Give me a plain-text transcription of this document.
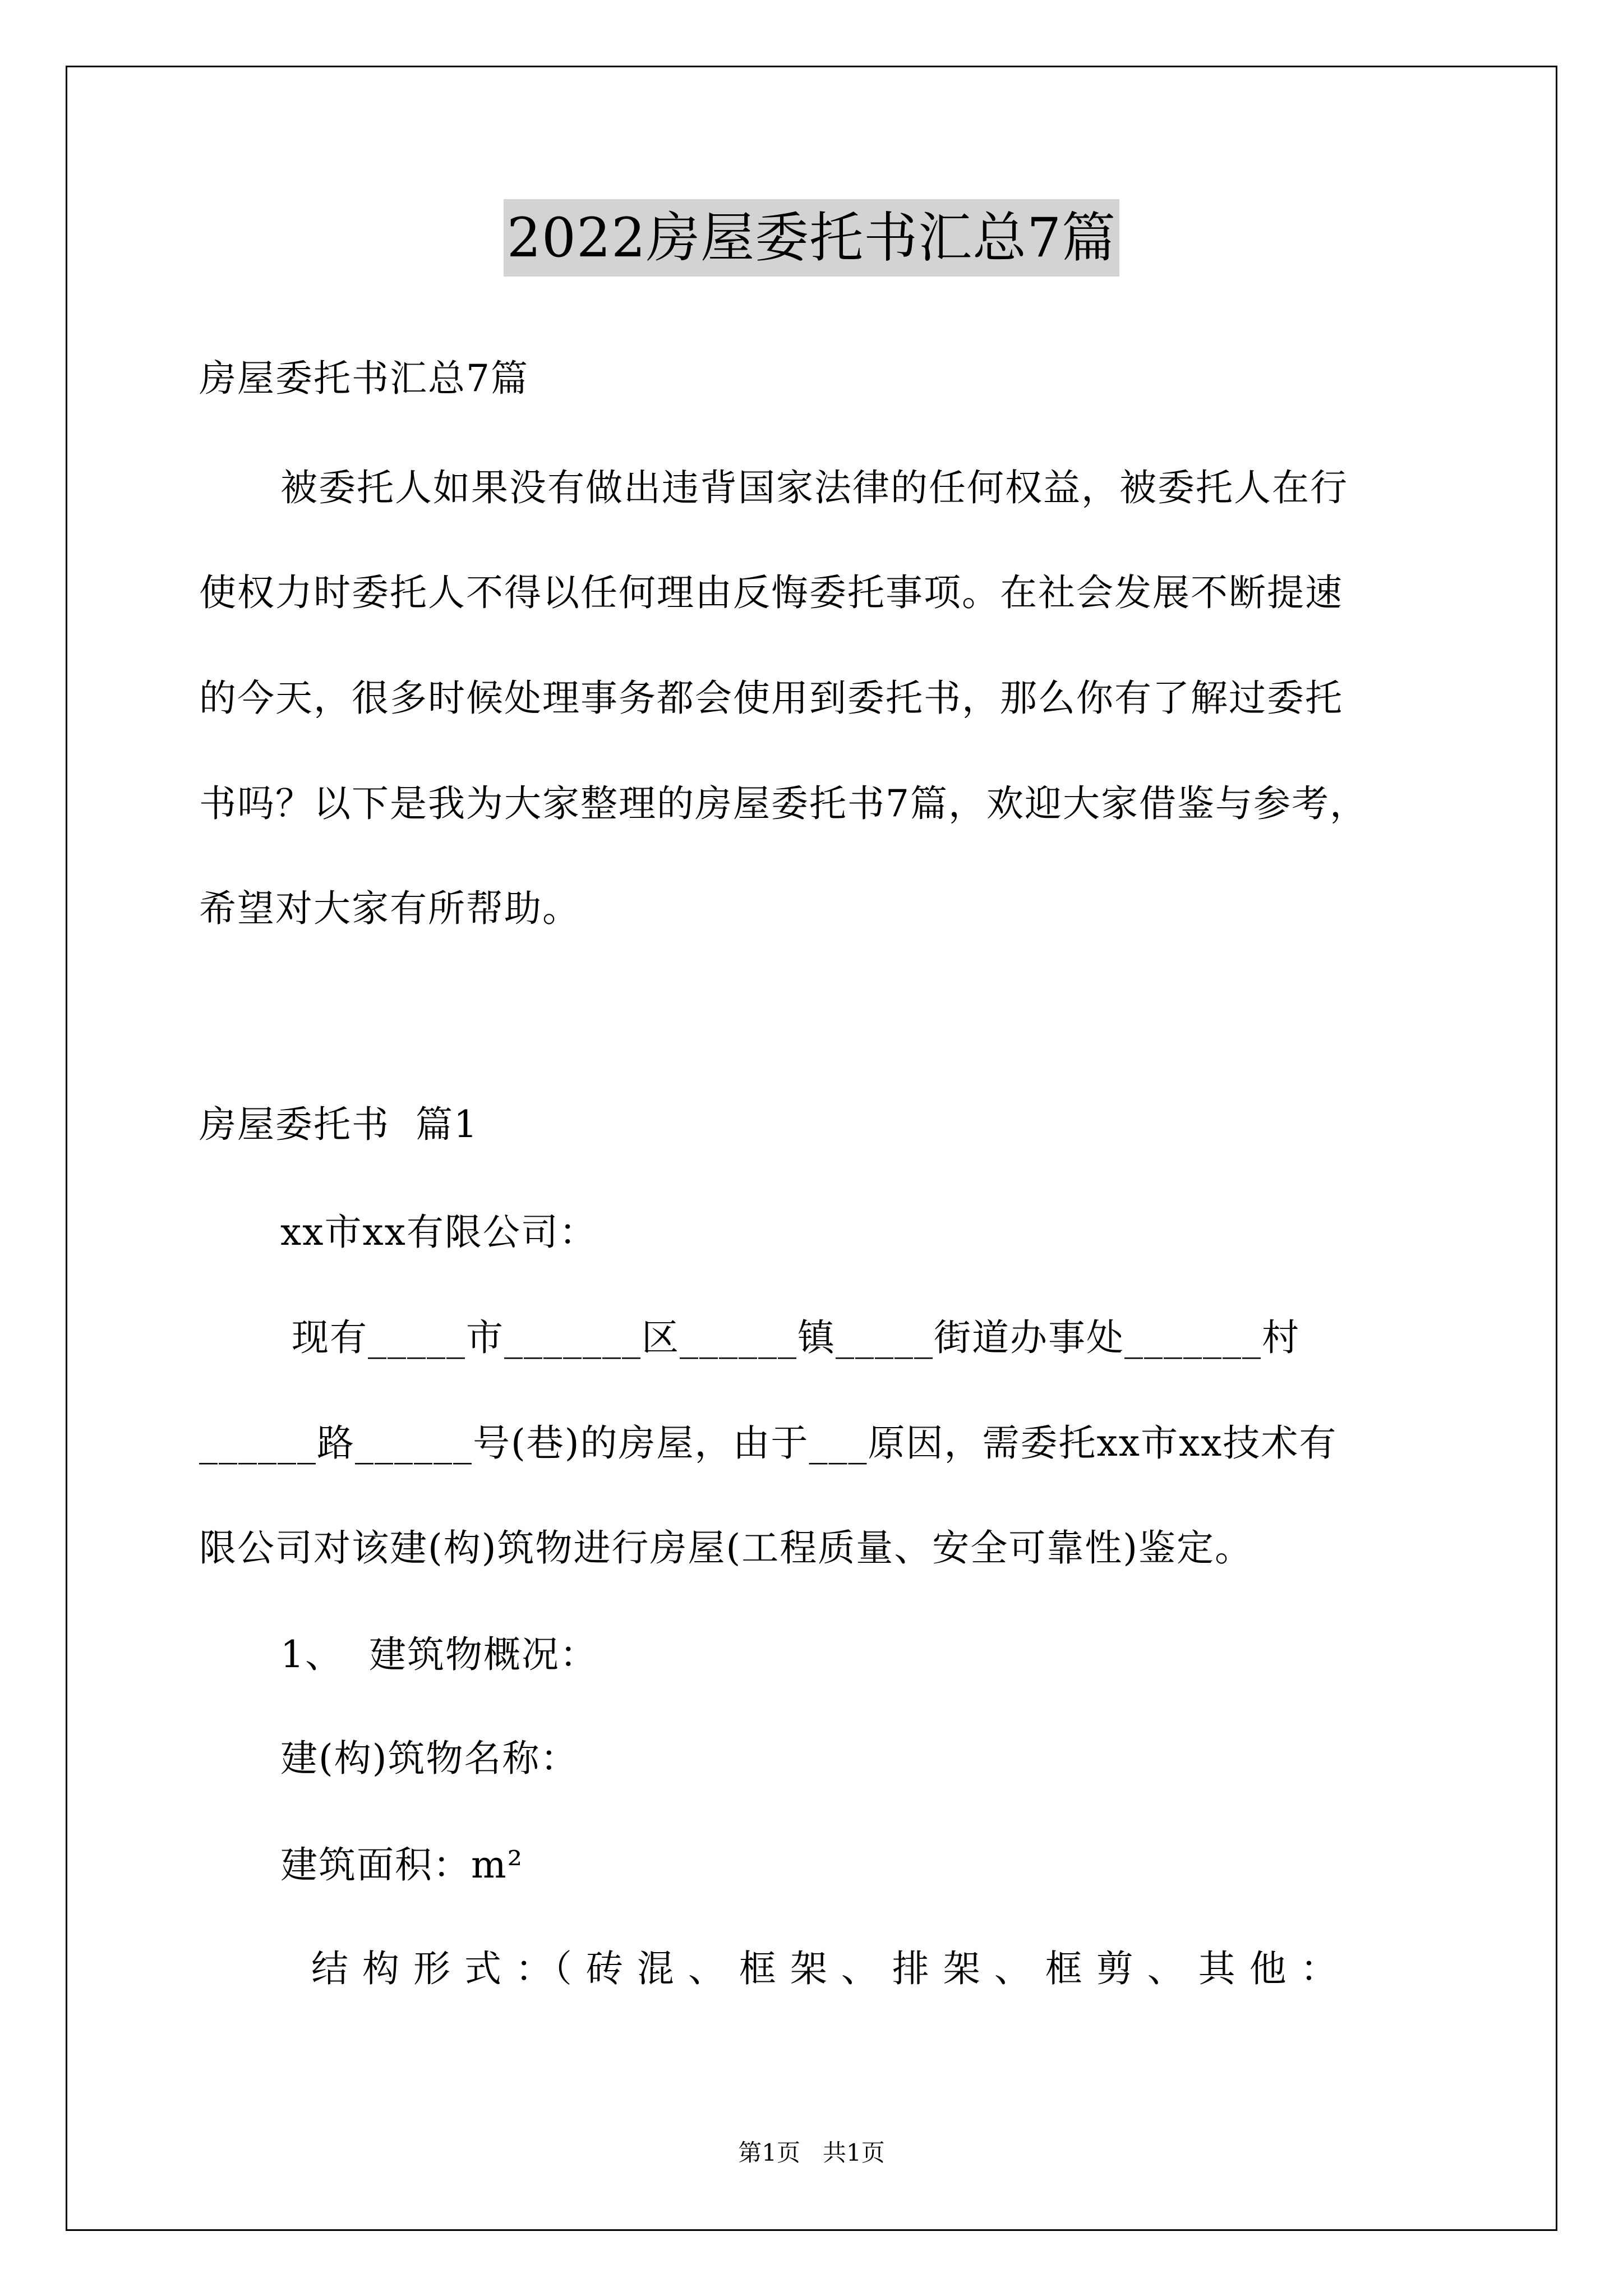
2022房屋委托书汇总7篇
房屋委托书汇总7篇
被委托人如果没有做出违背国家法律的任何权益，被委托人在行
使权力时委托人不得以任何理由反悔委托事项。在社会发展不断提速
的今天，很多时候处理事务都会使用到委托书，那么你有了解过委托
书吗？以下是我为大家整理的房屋委托书7篇，欢迎大家借鉴与参考，
希望对大家有所帮助。
房屋委托书  篇1
xx市xx有限公司：
现有_____市_______区______镇_____街道办事处_______村
______路______号(巷)的房屋，由于___原因，需委托xx市xx技术有
限公司对该建(构)筑物进行房屋(工程质量、安全可靠性)鉴定。
1、  建筑物概况：
建(构)筑物名称：
建筑面积：m²
结 构 形 式 ：（ 砖 混 、 框 架 、 排 架 、 框 剪 、 其 他 ：
第1页   共1页
